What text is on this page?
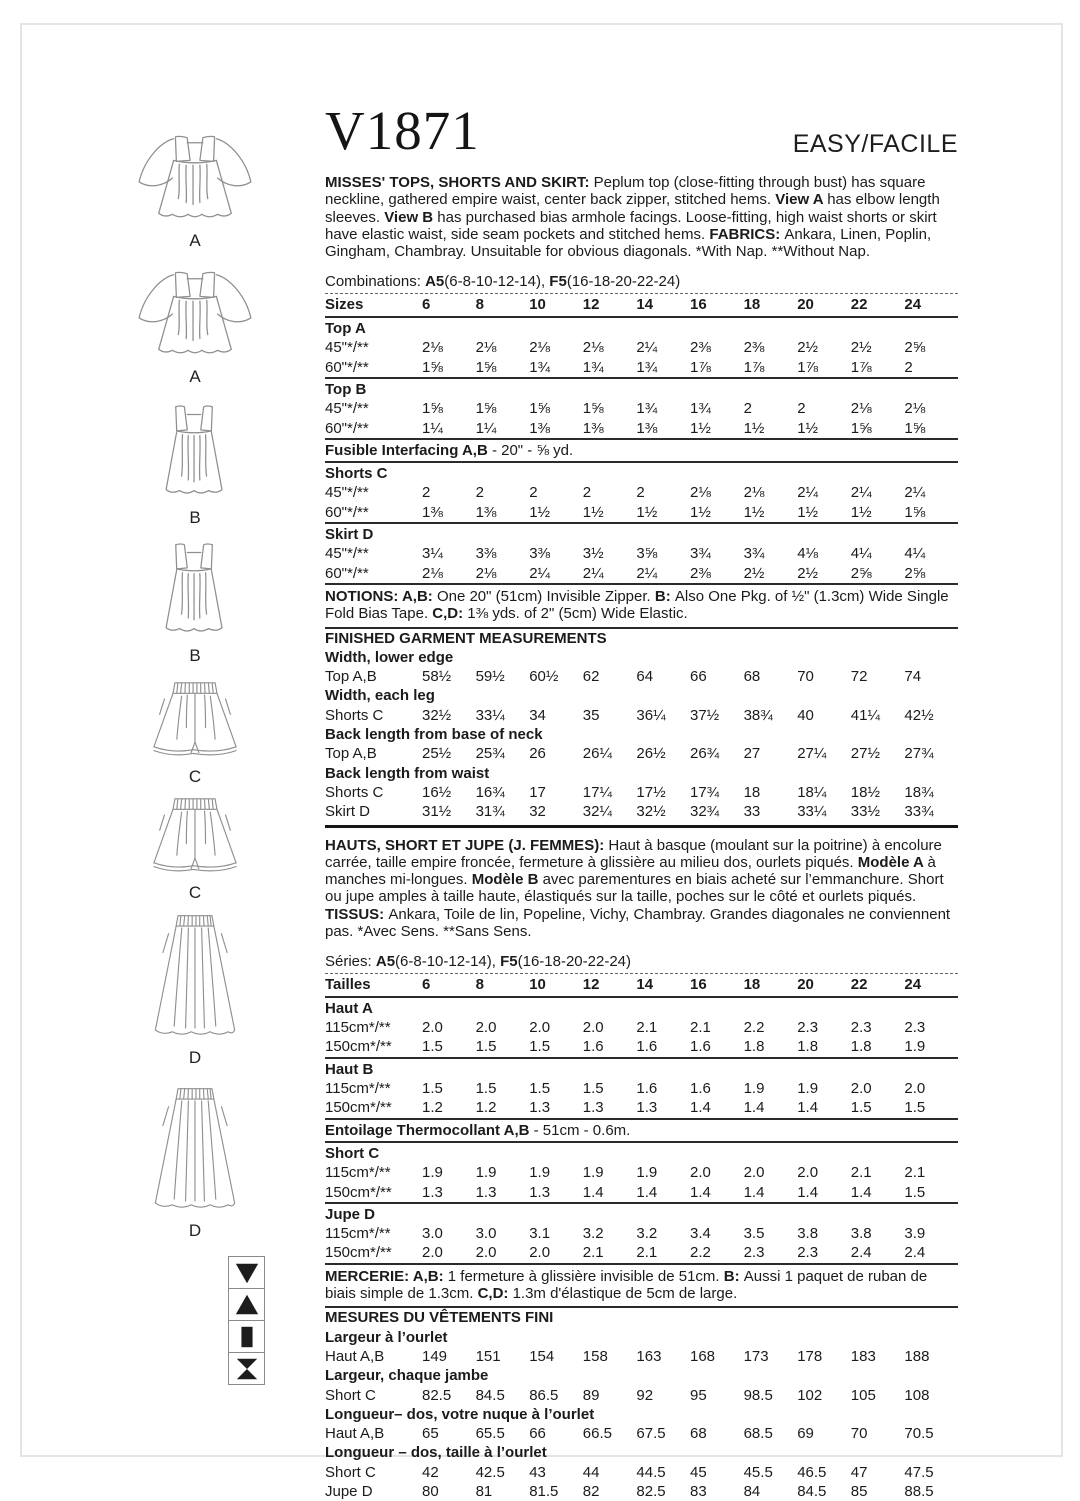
A
A
B
B
C
C
D
D
V1871	EASY/FACILE

MISSES' TOPS, SHORTS AND SKIRT: Peplum top (close-fitting through bust) has square neckline, gathered empire waist, center back zipper, stitched hems. View A has elbow length sleeves. View B has purchased bias armhole facings. Loose-fitting, high waist shorts or skirt have elastic waist, side seam pockets and stitched hems. FABRICS: Ankara, Linen, Poplin, Gingham, Chambray. Unsuitable for obvious diagonals. *With Nap. **Without Nap.

Combinations: A5(6-8-10-12-14), F5(16-18-20-22-24)

Sizes	6	8	10	12	14	16	18	20	22	24
Top A
45"*/**	2⅛	2⅛	2⅛	2⅛	2¼	2⅜	2⅜	2½	2½	2⅝
60"*/**	1⅝	1⅝	1¾	1¾	1¾	1⅞	1⅞	1⅞	1⅞	2
Top B
45"*/**	1⅝	1⅝	1⅝	1⅝	1¾	1¾	2	2	2⅛	2⅛
60"*/**	1¼	1¼	1⅜	1⅜	1⅜	1½	1½	1½	1⅝	1⅝
Fusible Interfacing A,B - 20" - ⅝ yd.
Shorts C
45"*/**	2	2	2	2	2	2⅛	2⅛	2¼	2¼	2¼
60"*/**	1⅜	1⅜	1½	1½	1½	1½	1½	1½	1½	1⅝
Skirt D
45"*/**	3¼	3⅜	3⅜	3½	3⅝	3¾	3¾	4⅛	4¼	4¼
60"*/**	2⅛	2⅛	2¼	2¼	2¼	2⅜	2½	2½	2⅝	2⅝

NOTIONS: A,B: One 20" (51cm) Invisible Zipper. B: Also One Pkg. of ½" (1.3cm) Wide Single Fold Bias Tape. C,D: 1⅜ yds. of 2" (5cm) Wide Elastic.

FINISHED GARMENT MEASUREMENTS
Width, lower edge
Top A,B	58½	59½	60½	62	64	66	68	70	72	74
Width, each leg
Shorts C	32½	33¼	34	35	36¼	37½	38¾	40	41¼	42½
Back length from base of neck
Top A,B	25½	25¾	26	26¼	26½	26¾	27	27¼	27½	27¾
Back length from waist
Shorts C	16½	16¾	17	17¼	17½	17¾	18	18¼	18½	18¾
Skirt D	31½	31¾	32	32¼	32½	32¾	33	33¼	33½	33¾

HAUTS, SHORT ET JUPE (J. FEMMES): Haut à basque (moulant sur la poitrine) à encolure carrée, taille empire froncée, fermeture à glissière au milieu dos, ourlets piqués. Modèle A à manches mi-longues. Modèle B avec parementures en biais acheté sur l’emmanchure. Short ou jupe amples à taille haute, élastiqués sur la taille, poches sur le côté et ourlets piqués. TISSUS: Ankara, Toile de lin, Popeline, Vichy, Chambray. Grandes diagonales ne conviennent pas. *Avec Sens. **Sans Sens.

Séries: A5(6-8-10-12-14), F5(16-18-20-22-24)

Tailles	6	8	10	12	14	16	18	20	22	24
Haut A
115cm*/**	2.0	2.0	2.0	2.0	2.1	2.1	2.2	2.3	2.3	2.3
150cm*/**	1.5	1.5	1.5	1.6	1.6	1.6	1.8	1.8	1.8	1.9
Haut B
115cm*/**	1.5	1.5	1.5	1.5	1.6	1.6	1.9	1.9	2.0	2.0
150cm*/**	1.2	1.2	1.3	1.3	1.3	1.4	1.4	1.4	1.5	1.5
Entoilage Thermocollant A,B - 51cm - 0.6m.
Short C
115cm*/**	1.9	1.9	1.9	1.9	1.9	2.0	2.0	2.0	2.1	2.1
150cm*/**	1.3	1.3	1.3	1.4	1.4	1.4	1.4	1.4	1.4	1.5
Jupe D
115cm*/**	3.0	3.0	3.1	3.2	3.2	3.4	3.5	3.8	3.8	3.9
150cm*/**	2.0	2.0	2.0	2.1	2.1	2.2	2.3	2.3	2.4	2.4

MERCERIE: A,B: 1 fermeture à glissière invisible de 51cm. B: Aussi 1 paquet de ruban de biais simple de 1.3cm. C,D: 1.3m d'élastique de 5cm de large.

MESURES DU VÊTEMENTS FINI
Largeur à l’ourlet
Haut A,B	149	151	154	158	163	168	173	178	183	188
Largeur, chaque jambe
Short C	82.5	84.5	86.5	89	92	95	98.5	102	105	108
Longueur– dos, votre nuque à l’ourlet
Haut A,B	65	65.5	66	66.5	67.5	68	68.5	69	70	70.5
Longueur – dos, taille à l’ourlet
Short C	42	42.5	43	44	44.5	45	45.5	46.5	47	47.5
Jupe D	80	81	81.5	82	82.5	83	84	84.5	85	88.5
